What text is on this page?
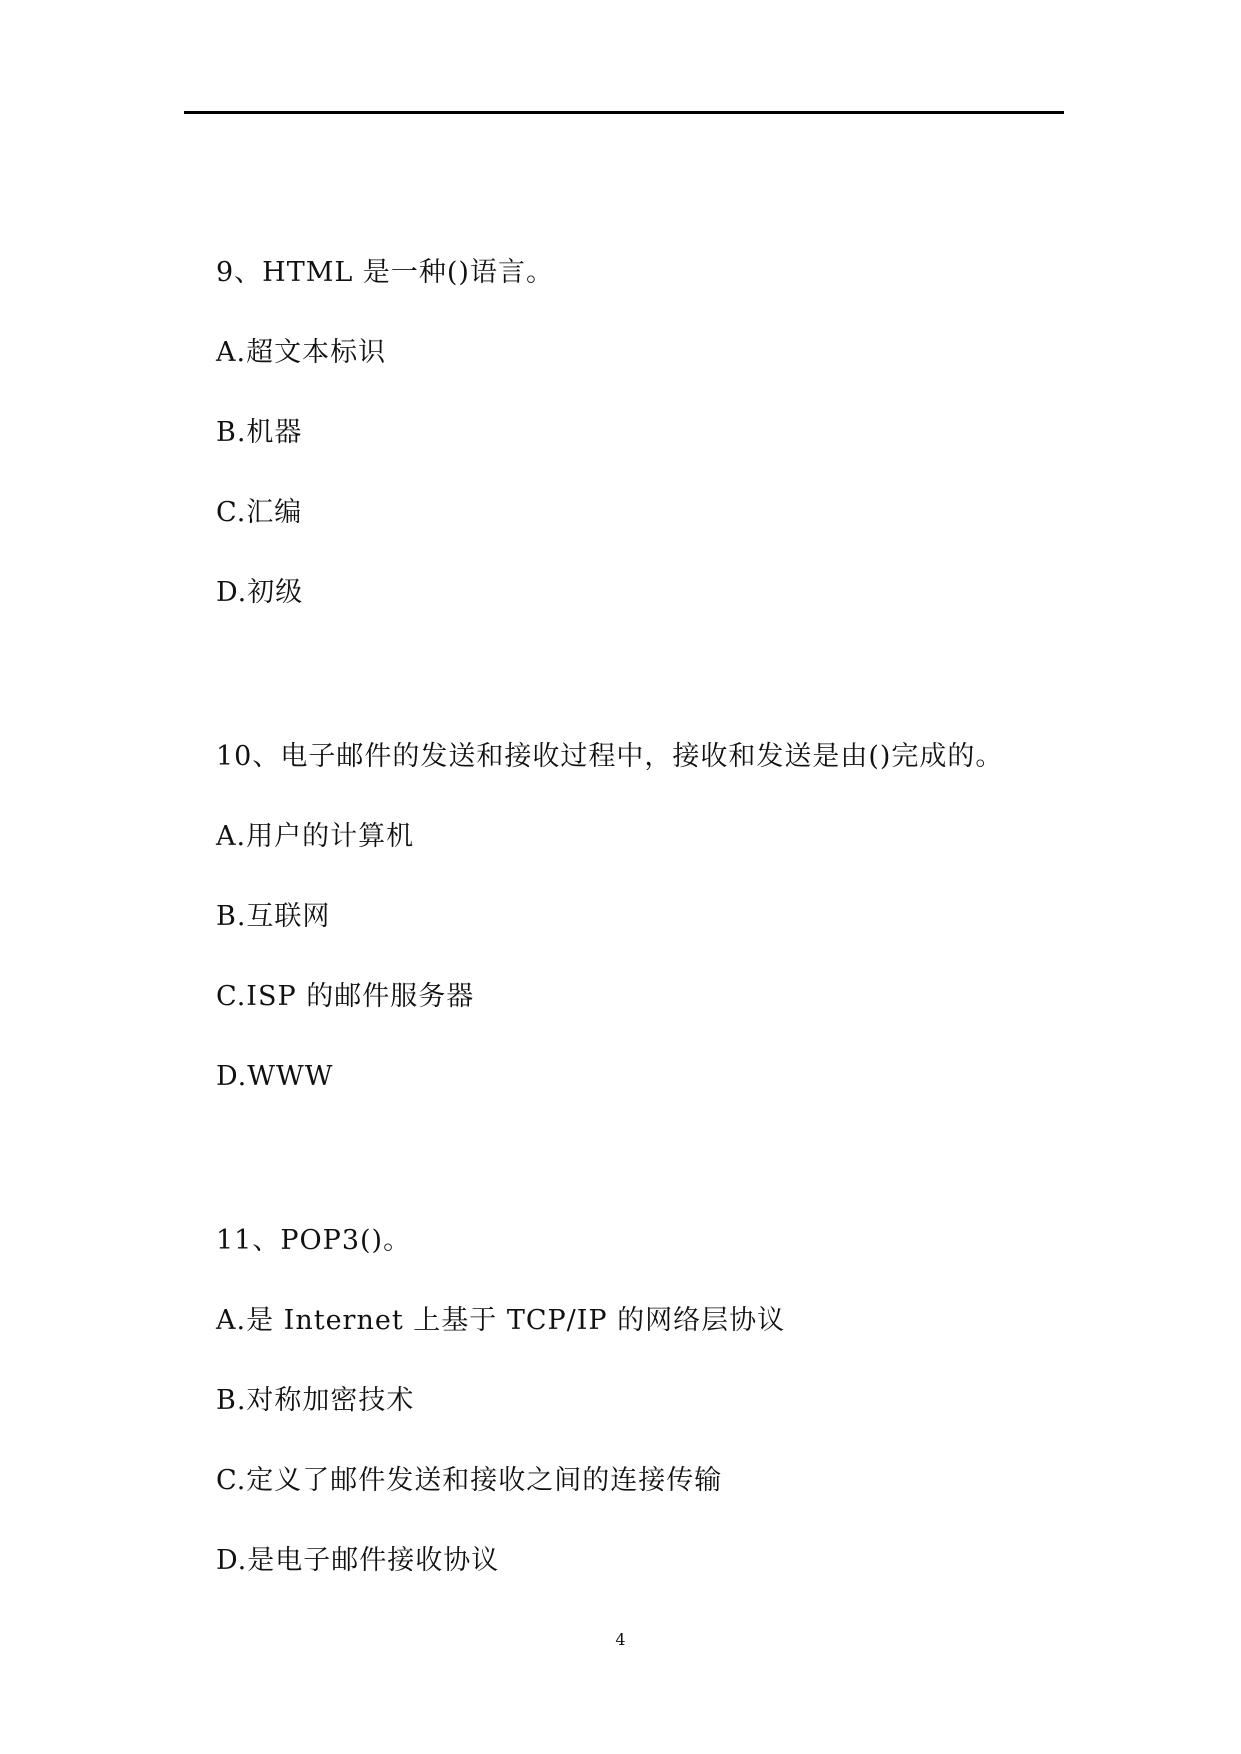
9、HTML 是一种()语言。
A.超文本标识
B.机器
C.汇编
D.初级
10、电子邮件的发送和接收过程中，接收和发送是由()完成的。
A.用户的计算机
B.互联网
C.ISP 的邮件服务器
D.WWW
11、POP3()。
A.是 Internet 上基于 TCP/IP 的网络层协议
B.对称加密技术
C.定义了邮件发送和接收之间的连接传输
D.是电子邮件接收协议
4
